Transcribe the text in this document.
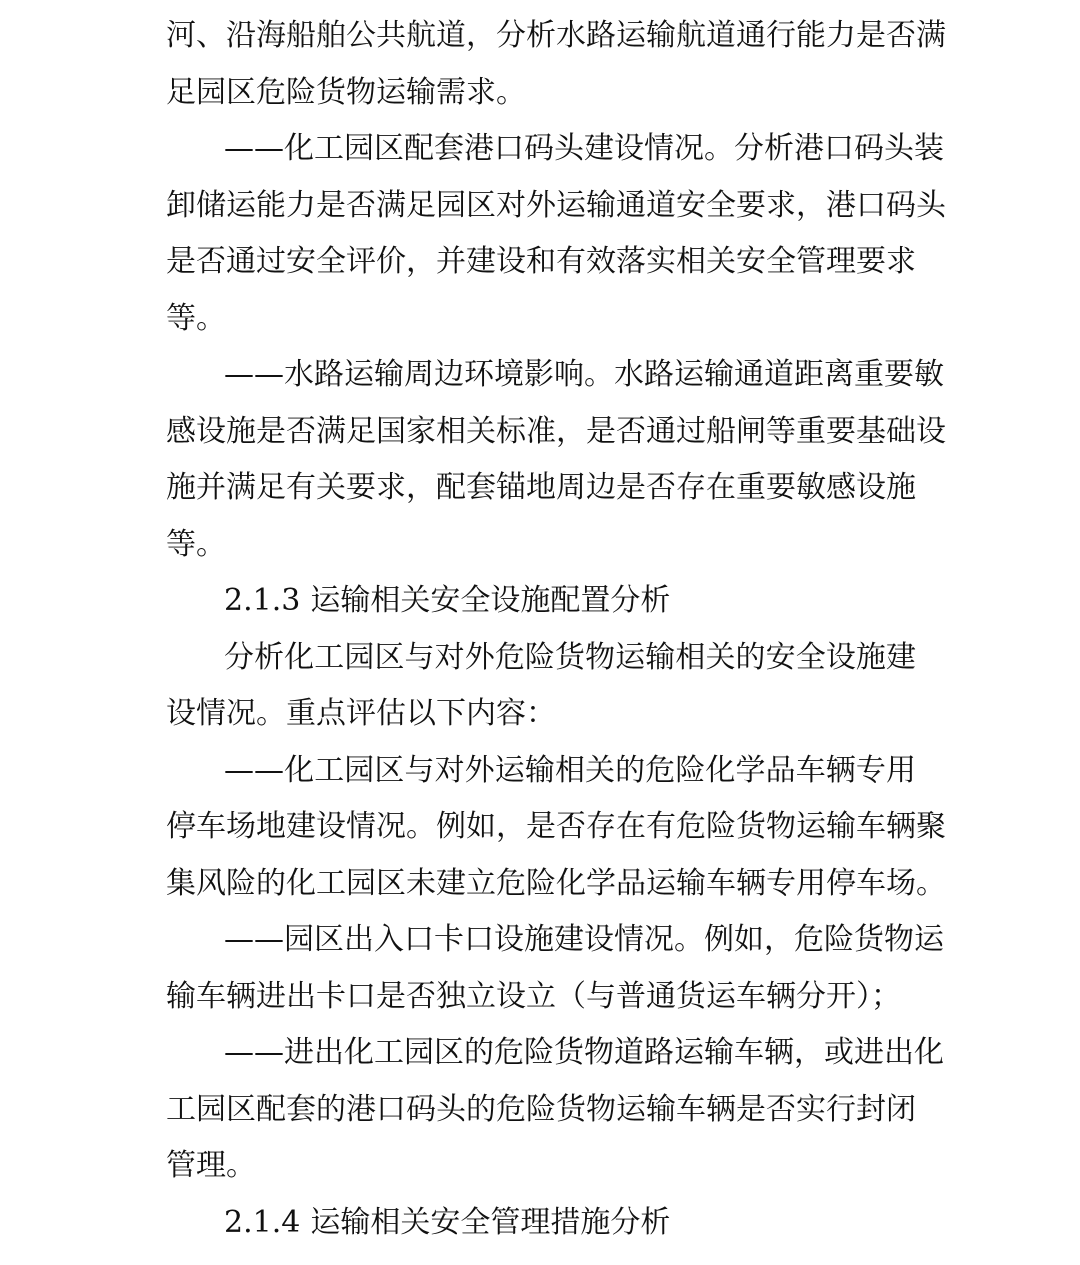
河、沿海船舶公共航道，分析水路运输航道通行能力是否满
足园区危险货物运输需求。
——化工园区配套港口码头建设情况。分析港口码头装
卸储运能力是否满足园区对外运输通道安全要求，港口码头
是否通过安全评价，并建设和有效落实相关安全管理要求
等。
——水路运输周边环境影响。水路运输通道距离重要敏
感设施是否满足国家相关标准，是否通过船闸等重要基础设
施并满足有关要求，配套锚地周边是否存在重要敏感设施
等。
2.1.3 运输相关安全设施配置分析
分析化工园区与对外危险货物运输相关的安全设施建
设情况。重点评估以下内容：
——化工园区与对外运输相关的危险化学品车辆专用
停车场地建设情况。例如，是否存在有危险货物运输车辆聚
集风险的化工园区未建立危险化学品运输车辆专用停车场。
——园区出入口卡口设施建设情况。例如，危险货物运
输车辆进出卡口是否独立设立（与普通货运车辆分开）；
——进出化工园区的危险货物道路运输车辆，或进出化
工园区配套的港口码头的危险货物运输车辆是否实行封闭
管理。
2.1.4 运输相关安全管理措施分析
